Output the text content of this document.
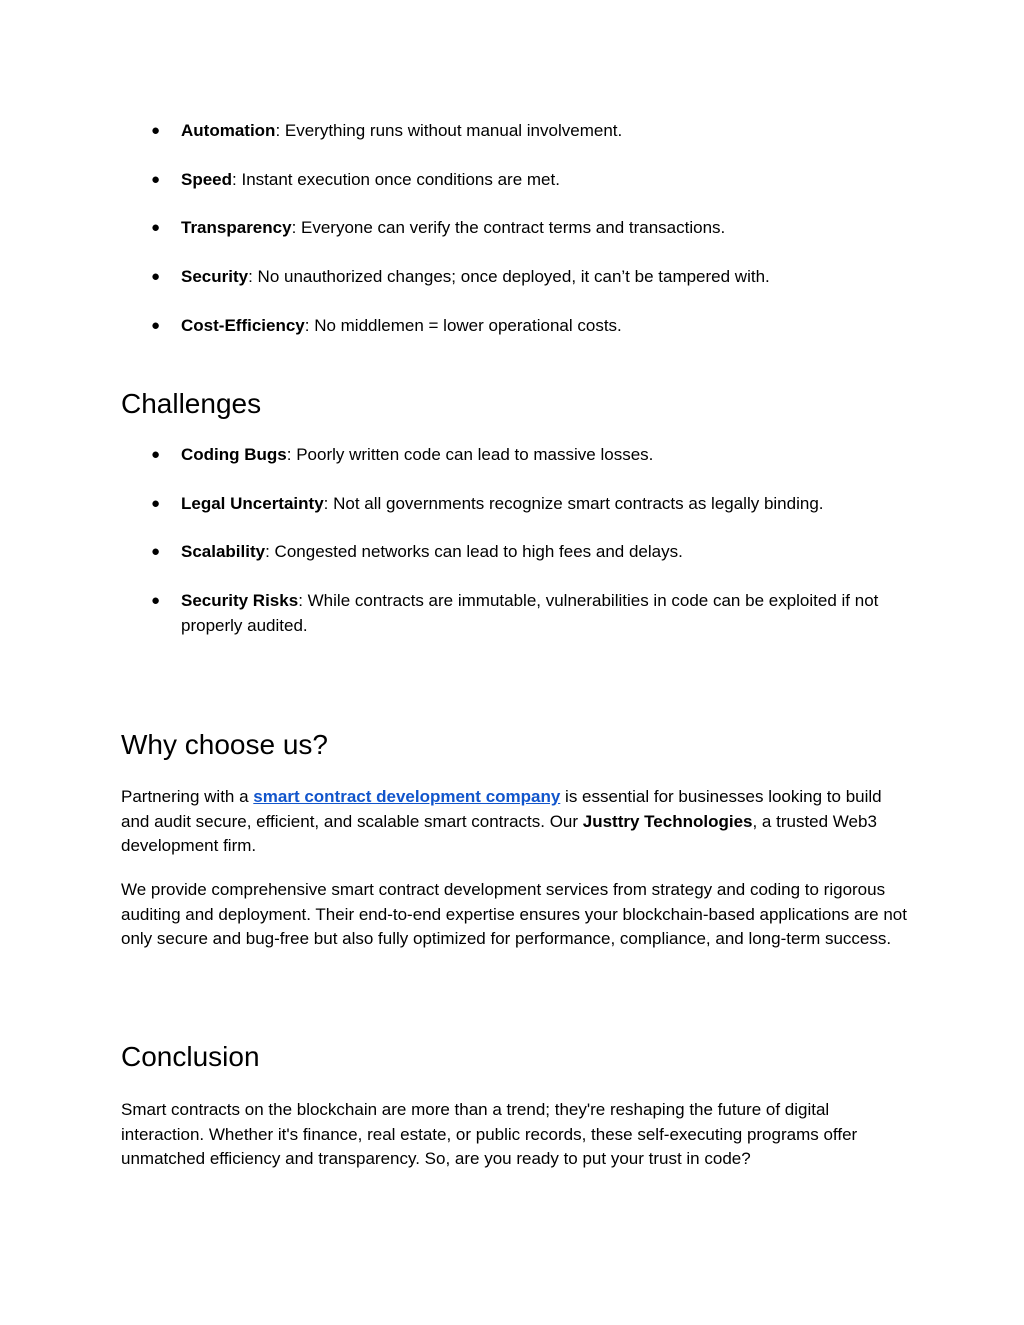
● Automation: Everything runs without manual involvement.
● Speed: Instant execution once conditions are met.
● Transparency: Everyone can verify the contract terms and transactions.
● Security: No unauthorized changes; once deployed, it can’t be tampered with.
● Cost-Efficiency: No middlemen = lower operational costs.
Challenges
● Coding Bugs: Poorly written code can lead to massive losses.
● Legal Uncertainty: Not all governments recognize smart contracts as legally binding.
● Scalability: Congested networks can lead to high fees and delays.
● Security Risks: While contracts are immutable, vulnerabilities in code can be exploited if not properly audited.
Why choose us?

Partnering with a smart contract development company is essential for businesses looking to build and audit secure, efficient, and scalable smart contracts. Our Justtry Technologies, a trusted Web3 development firm.

We provide comprehensive smart contract development services from strategy and coding to rigorous auditing and deployment. Their end-to-end expertise ensures your blockchain-based applications are not only secure and bug-free but also fully optimized for performance, compliance, and long-term success.

Conclusion

Smart contracts on the blockchain are more than a trend; they're reshaping the future of digital interaction. Whether it's finance, real estate, or public records, these self-executing programs offer unmatched efficiency and transparency. So, are you ready to put your trust in code?
